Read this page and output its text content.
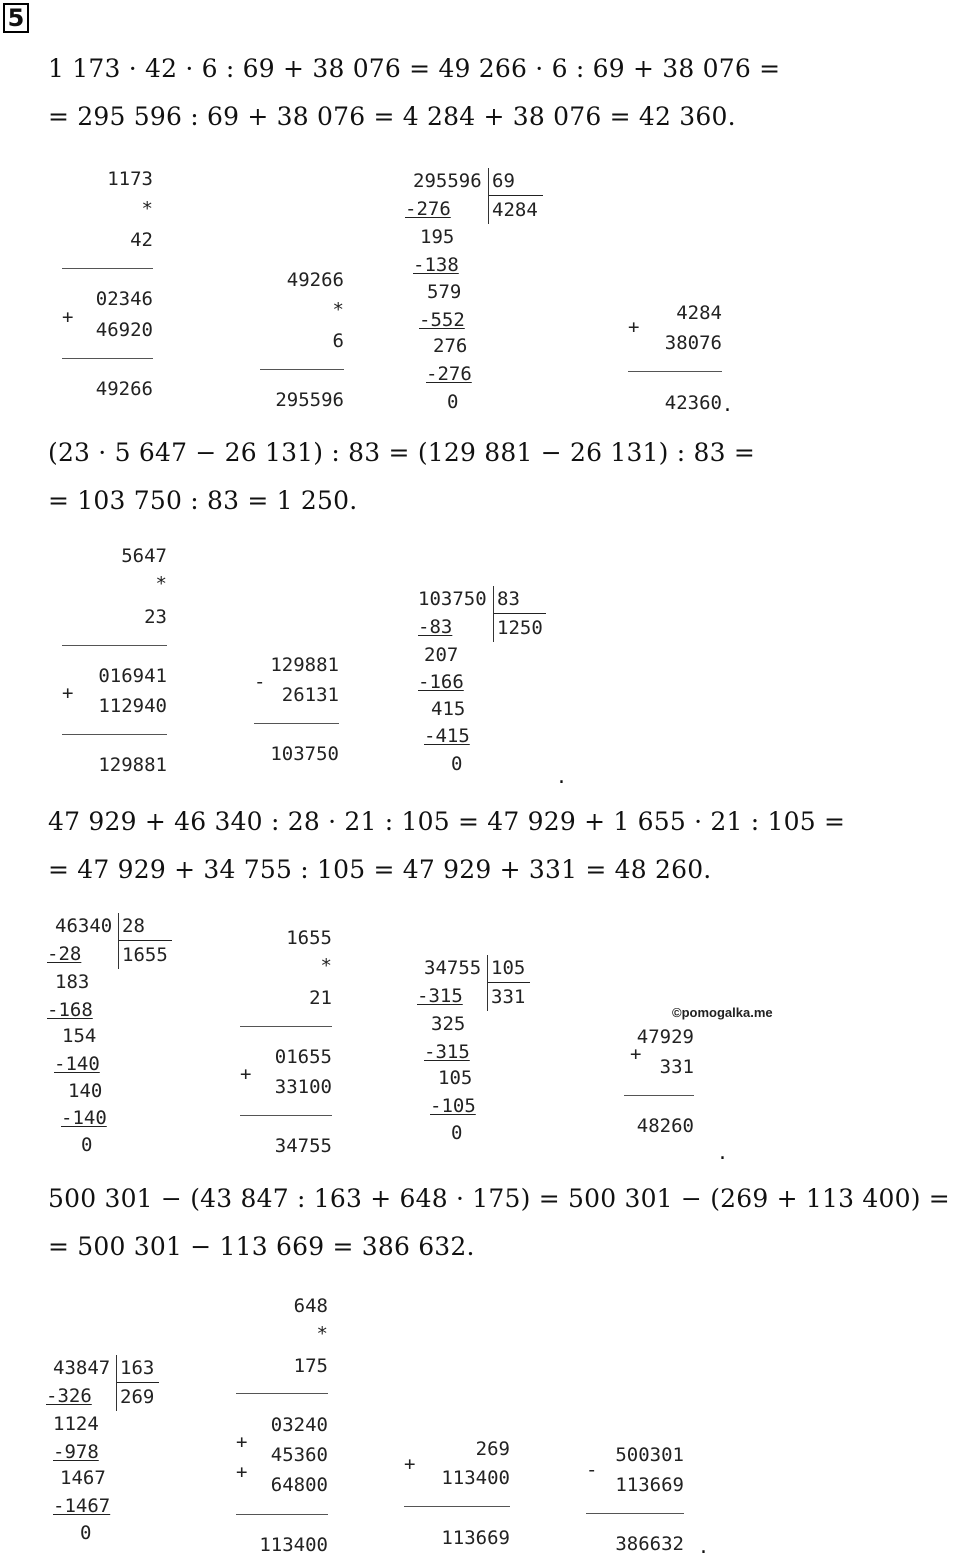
5
1 173 · 42 · 6 : 69 + 38 076 = 49 266 · 6 : 69 + 38 076 =
= 295 596 : 69 + 38 076 = 4 284 + 38 076 = 42 360.
1173
*
42
02346
+
46920
49266
49266
*
6
295596
295596 69
4284
-276
195
-138
579
-552
276
-276
0
+
4284
38076
42360 .
(23 · 5 647 − 26 131) : 83 = (129 881 − 26 131) : 83 =
= 103 750 : 83 = 1 250.
5647
*
23
016941
+
112940
129881
-
129881
26131
103750
103750 83
1250
-83
207
-166
415
-415
0	.
47 929 + 46 340 : 28 · 21 : 105 = 47 929 + 1 655 · 21 : 105 =
= 47 929 + 34 755 : 105 = 47 929 + 331 = 48 260.
46340 28
1655
-28
183
-168
154
-140
140
-140
0
1655
*
21
01655
+
33100
34755
34755 105
331
-315
325
-315
105
-105
0
©pomogalka.me
47929
+
331
48260
.
500 301 − (43 847 : 163 + 648 · 175) = 500 301 − (269 + 113 400) =
= 500 301 − 113 669 = 386 632.
43847 163
269
-326
1124
-978
1467
-1467
0
648
*
175
03240
+
45360
+
64800
113400
+
269
113400
113669
-
500301
113669
386632 .
